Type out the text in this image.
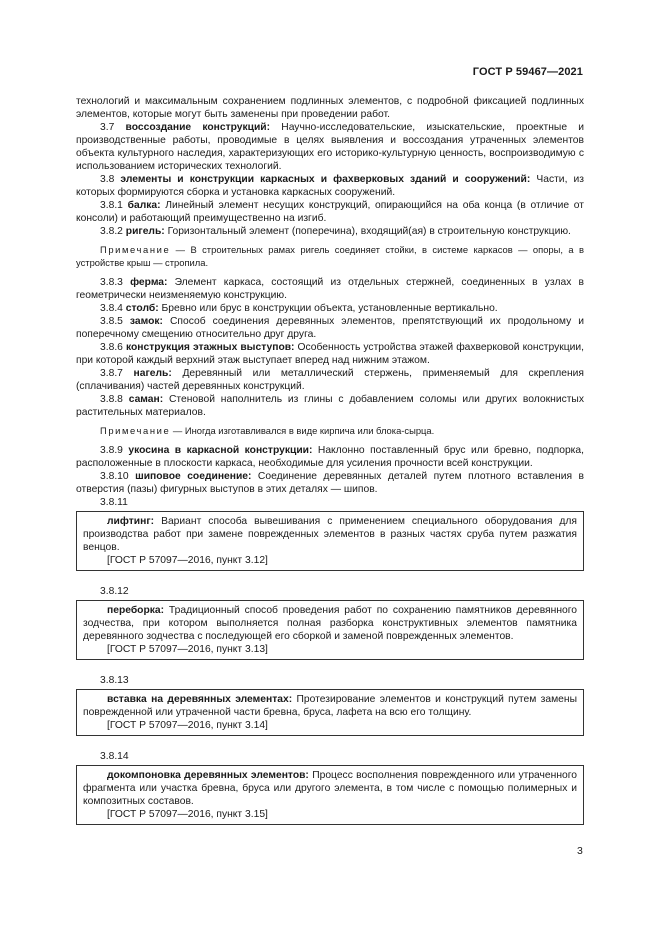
ГОСТ Р 59467—2021

технологий и максимальным сохранением подлинных элементов, с подробной фиксацией подлинных элементов, которые могут быть заменены при проведении работ.

3.7 воссоздание конструкций: Научно-исследовательские, изыскательские, проектные и производственные работы, проводимые в целях выявления и воссоздания утраченных элементов объекта культурного наследия, характеризующих его историко-культурную ценность, воспроизводимую с использованием исторических технологий.

3.8 элементы и конструкции каркасных и фахверковых зданий и сооружений: Части, из которых формируются сборка и установка каркасных сооружений.

3.8.1 балка: Линейный элемент несущих конструкций, опирающийся на оба конца (в отличие от консоли) и работающий преимущественно на изгиб.

3.8.2 ригель: Горизонтальный элемент (поперечина), входящий(ая) в строительную конструкцию.

Примечание — В строительных рамах ригель соединяет стойки, в системе каркасов — опоры, а в устройстве крыш — стропила.

3.8.3 ферма: Элемент каркаса, состоящий из отдельных стержней, соединенных в узлах в геометрически неизменяемую конструкцию.

3.8.4 столб: Бревно или брус в конструкции объекта, установленные вертикально.

3.8.5 замок: Способ соединения деревянных элементов, препятствующий их продольному и поперечному смещению относительно друг друга.

3.8.6 конструкция этажных выступов: Особенность устройства этажей фахверковой конструкции, при которой каждый верхний этаж выступает вперед над нижним этажом.

3.8.7 нагель: Деревянный или металлический стержень, применяемый для скрепления (сплачивания) частей деревянных конструкций.

3.8.8 саман: Стеновой наполнитель из глины с добавлением соломы или других волокнистых растительных материалов.

Примечание — Иногда изготавливался в виде кирпича или блока-сырца.

3.8.9 укосина в каркасной конструкции: Наклонно поставленный брус или бревно, подпорка, расположенные в плоскости каркаса, необходимые для усиления прочности всей конструкции.

3.8.10 шиповое соединение: Соединение деревянных деталей путем плотного вставления в отверстия (пазы) фигурных выступов в этих деталях — шипов.

3.8.11

лифтинг: Вариант способа вывешивания с применением специального оборудования для производства работ при замене поврежденных элементов в разных частях сруба путем разжатия венцов.

[ГОСТ Р 57097—2016, пункт 3.12]

3.8.12

переборка: Традиционный способ проведения работ по сохранению памятников деревянного зодчества, при котором выполняется полная разборка конструктивных элементов памятника деревянного зодчества с последующей его сборкой и заменой поврежденных элементов.

[ГОСТ Р 57097—2016, пункт 3.13]

3.8.13

вставка на деревянных элементах: Протезирование элементов и конструкций путем замены поврежденной или утраченной части бревна, бруса, лафета на всю его толщину.

[ГОСТ Р 57097—2016, пункт 3.14]

3.8.14

докомпоновка деревянных элементов: Процесс восполнения поврежденного или утраченного фрагмента или участка бревна, бруса или другого элемента, в том числе с помощью полимерных и композитных составов.

[ГОСТ Р 57097—2016, пункт 3.15]

3
